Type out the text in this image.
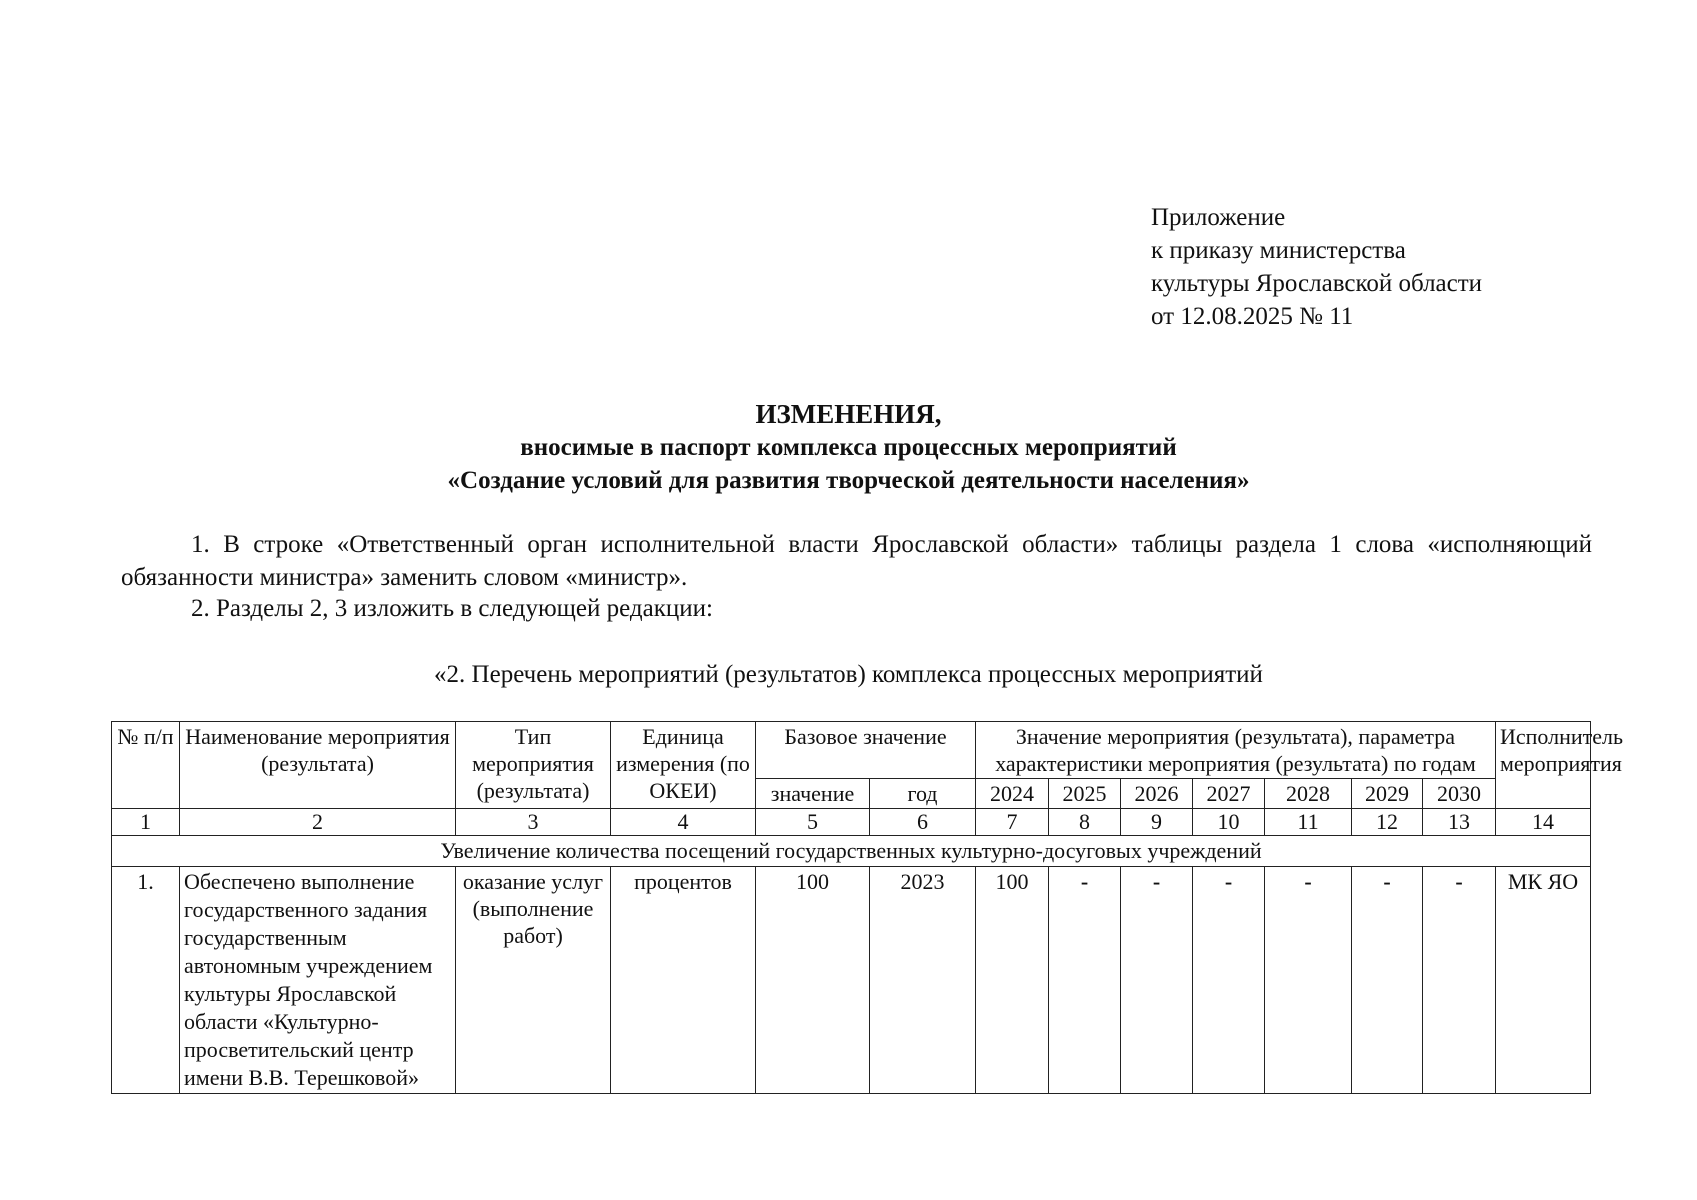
Приложение
к приказу министерства
культуры Ярославской области
от 12.08.2025 № 11
ИЗМЕНЕНИЯ,
вносимые в паспорт комплекса процессных мероприятий
«Создание условий для развития творческой деятельности населения»
1. В строке «Ответственный орган исполнительной власти Ярославской области» таблицы раздела 1 слова «исполняющий обязанности министра» заменить словом «министр».
2. Разделы 2, 3 изложить в следующей редакции:
«2. Перечень мероприятий (результатов) комплекса процессных мероприятий
№ п/п	Наименование мероприятия (результата)	Тип мероприятия (результата)	Единица измерения (по ОКЕИ)	Базовое значение		Значение мероприятия (результата), параметра характеристики мероприятия (результата) по годам							Исполнитель мероприятия
				значение	год	2024	2025	2026	2027	2028	2029	2030	
1	2	3	4	5	6	7	8	9	10	11	12	13	14
Увеличение количества посещений государственных культурно-досуговых учреждений													
1.	Обеспечено выполнение государственного задания государственным автономным учреждением культуры Ярославской области «Культурно-просветительский центр имени В.В. Терешковой»	оказание услуг (выполнение работ)	процентов	100	2023	100	-	-	-	-	-	-	МК ЯО
